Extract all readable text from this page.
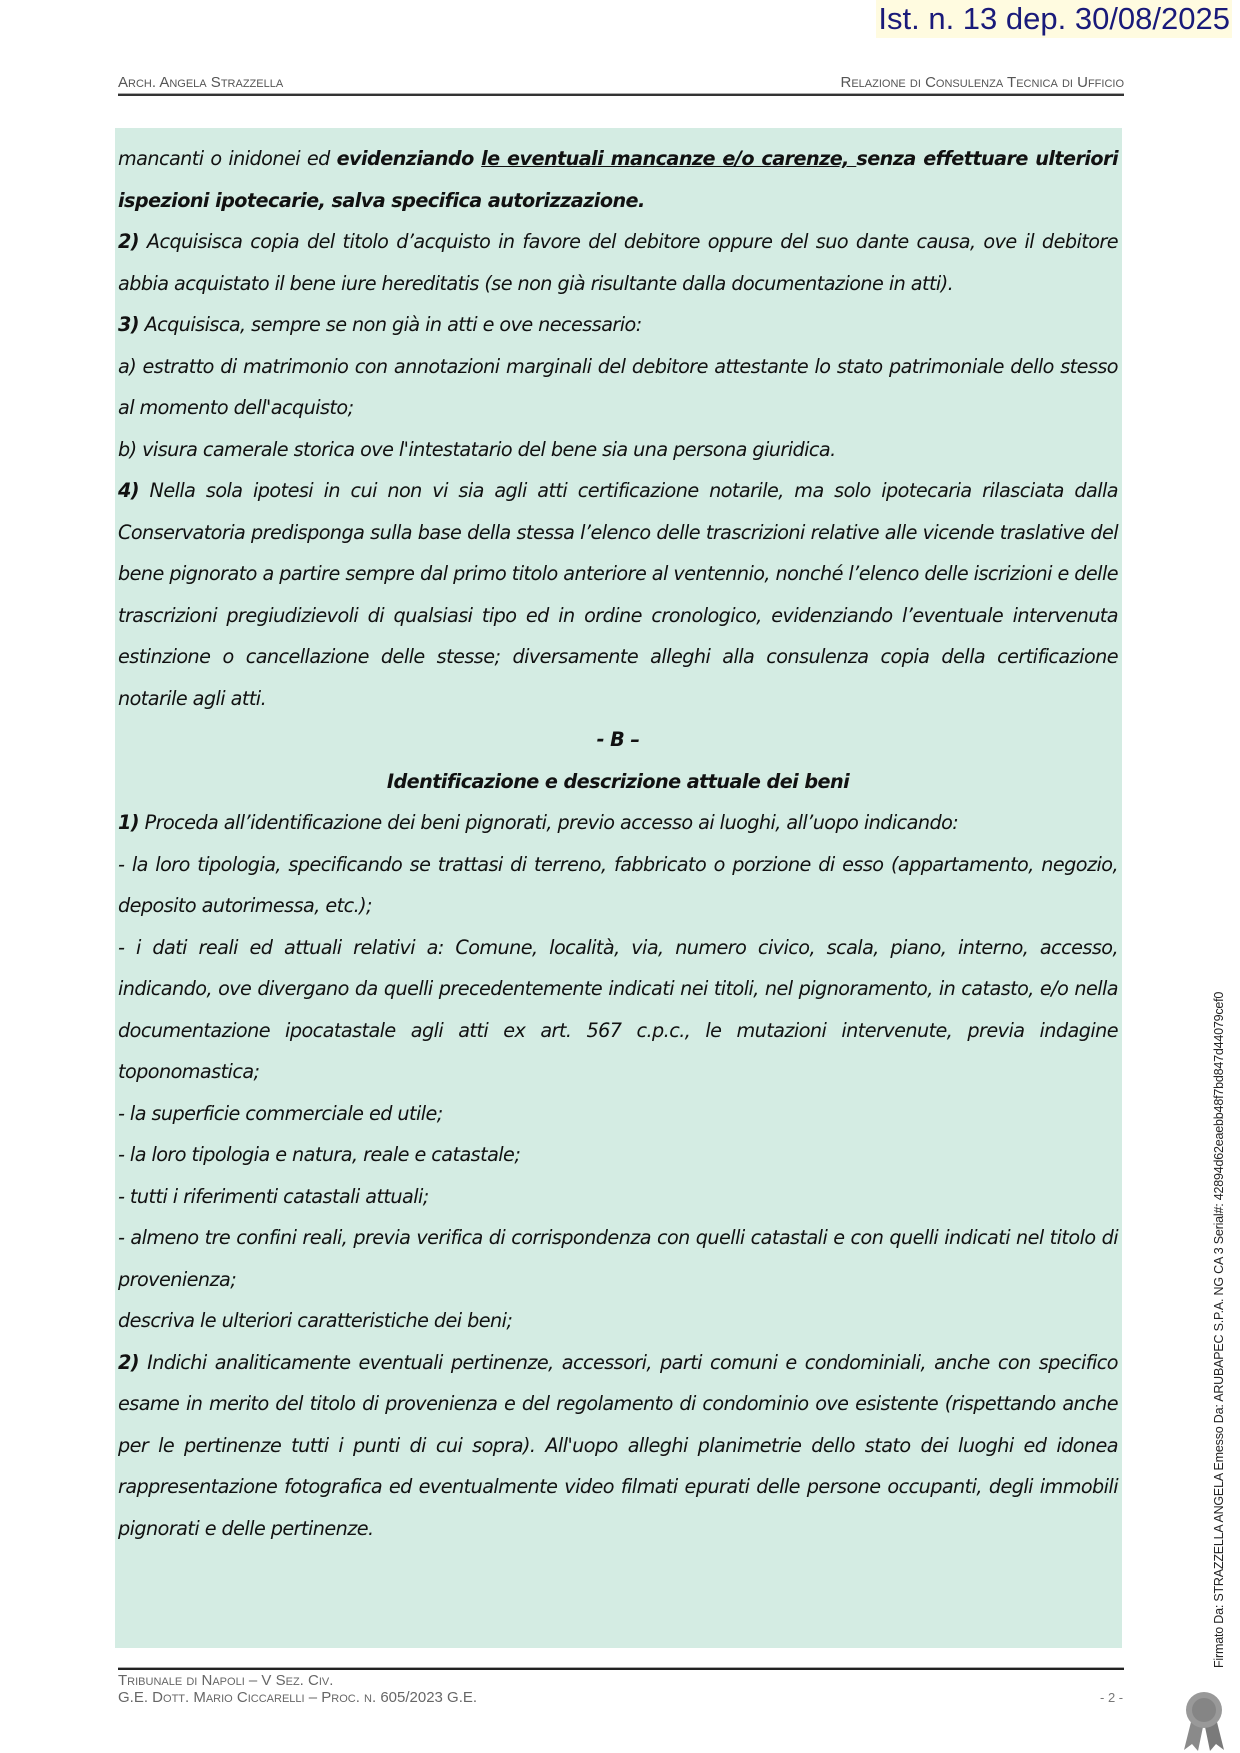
Ist. n. 13 dep. 30/08/2025
Arch. Angela Strazzella	Relazione di Consulenza Tecnica di Ufficio

mancanti o inidonei ed evidenziando le eventuali mancanze e/o carenze, senza effettuare ulteriori ispezioni ipotecarie, salva specifica autorizzazione.

2) Acquisisca copia del titolo d’acquisto in favore del debitore oppure del suo dante causa, ove il debitore abbia acquistato il bene iure hereditatis (se non già risultante dalla documentazione in atti).

3) Acquisisca, sempre se non già in atti e ove necessario:

a) estratto di matrimonio con annotazioni marginali del debitore attestante lo stato patrimoniale dello stesso al momento dell'acquisto;

b) visura camerale storica ove l'intestatario del bene sia una persona giuridica.

4) Nella sola ipotesi in cui non vi sia agli atti certificazione notarile, ma solo ipotecaria rilasciata dalla Conservatoria predisponga sulla base della stessa l’elenco delle trascrizioni relative alle vicende traslative del bene pignorato a partire sempre dal primo titolo anteriore al ventennio, nonché l’elenco delle iscrizioni e delle trascrizioni pregiudizievoli di qualsiasi tipo ed in ordine cronologico, evidenziando l’eventuale intervenuta estinzione o cancellazione delle stesse; diversamente alleghi alla consulenza copia della certificazione notarile agli atti.

- B –

Identificazione e descrizione attuale dei beni

1) Proceda all’identificazione dei beni pignorati, previo accesso ai luoghi, all’uopo indicando:

- la loro tipologia, specificando se trattasi di terreno, fabbricato o porzione di esso (appartamento, negozio, deposito autorimessa, etc.);

- i dati reali ed attuali relativi a: Comune, località, via, numero civico, scala, piano, interno, accesso, indicando, ove divergano da quelli precedentemente indicati nei titoli, nel pignoramento, in catasto, e/o nella documentazione ipocatastale agli atti ex art. 567 c.p.c., le mutazioni intervenute, previa indagine toponomastica;

- la superficie commerciale ed utile;

- la loro tipologia e natura, reale e catastale;

- tutti i riferimenti catastali attuali;

- almeno tre confini reali, previa verifica di corrispondenza con quelli catastali e con quelli indicati nel titolo di provenienza;

descriva le ulteriori caratteristiche dei beni;

2) Indichi analiticamente eventuali pertinenze, accessori, parti comuni e condominiali, anche con specifico esame in merito del titolo di provenienza e del regolamento di condominio ove esistente (rispettando anche per le pertinenze tutti i punti di cui sopra). All'uopo alleghi planimetrie dello stato dei luoghi ed idonea rappresentazione fotografica ed eventualmente video filmati epurati delle persone occupanti, degli immobili pignorati e delle pertinenze.

Tribunale di Napoli – V Sez. Civ.
G.E. Dott. Mario Ciccarelli – Proc. n. 605/2023 G.E.	- 2 -
Firmato Da: STRAZZELLA ANGELA Emesso Da: ARUBAPEC S.P.A. NG CA 3 Serial#: 42894d62eaebb48f7bd847d44079cef0
